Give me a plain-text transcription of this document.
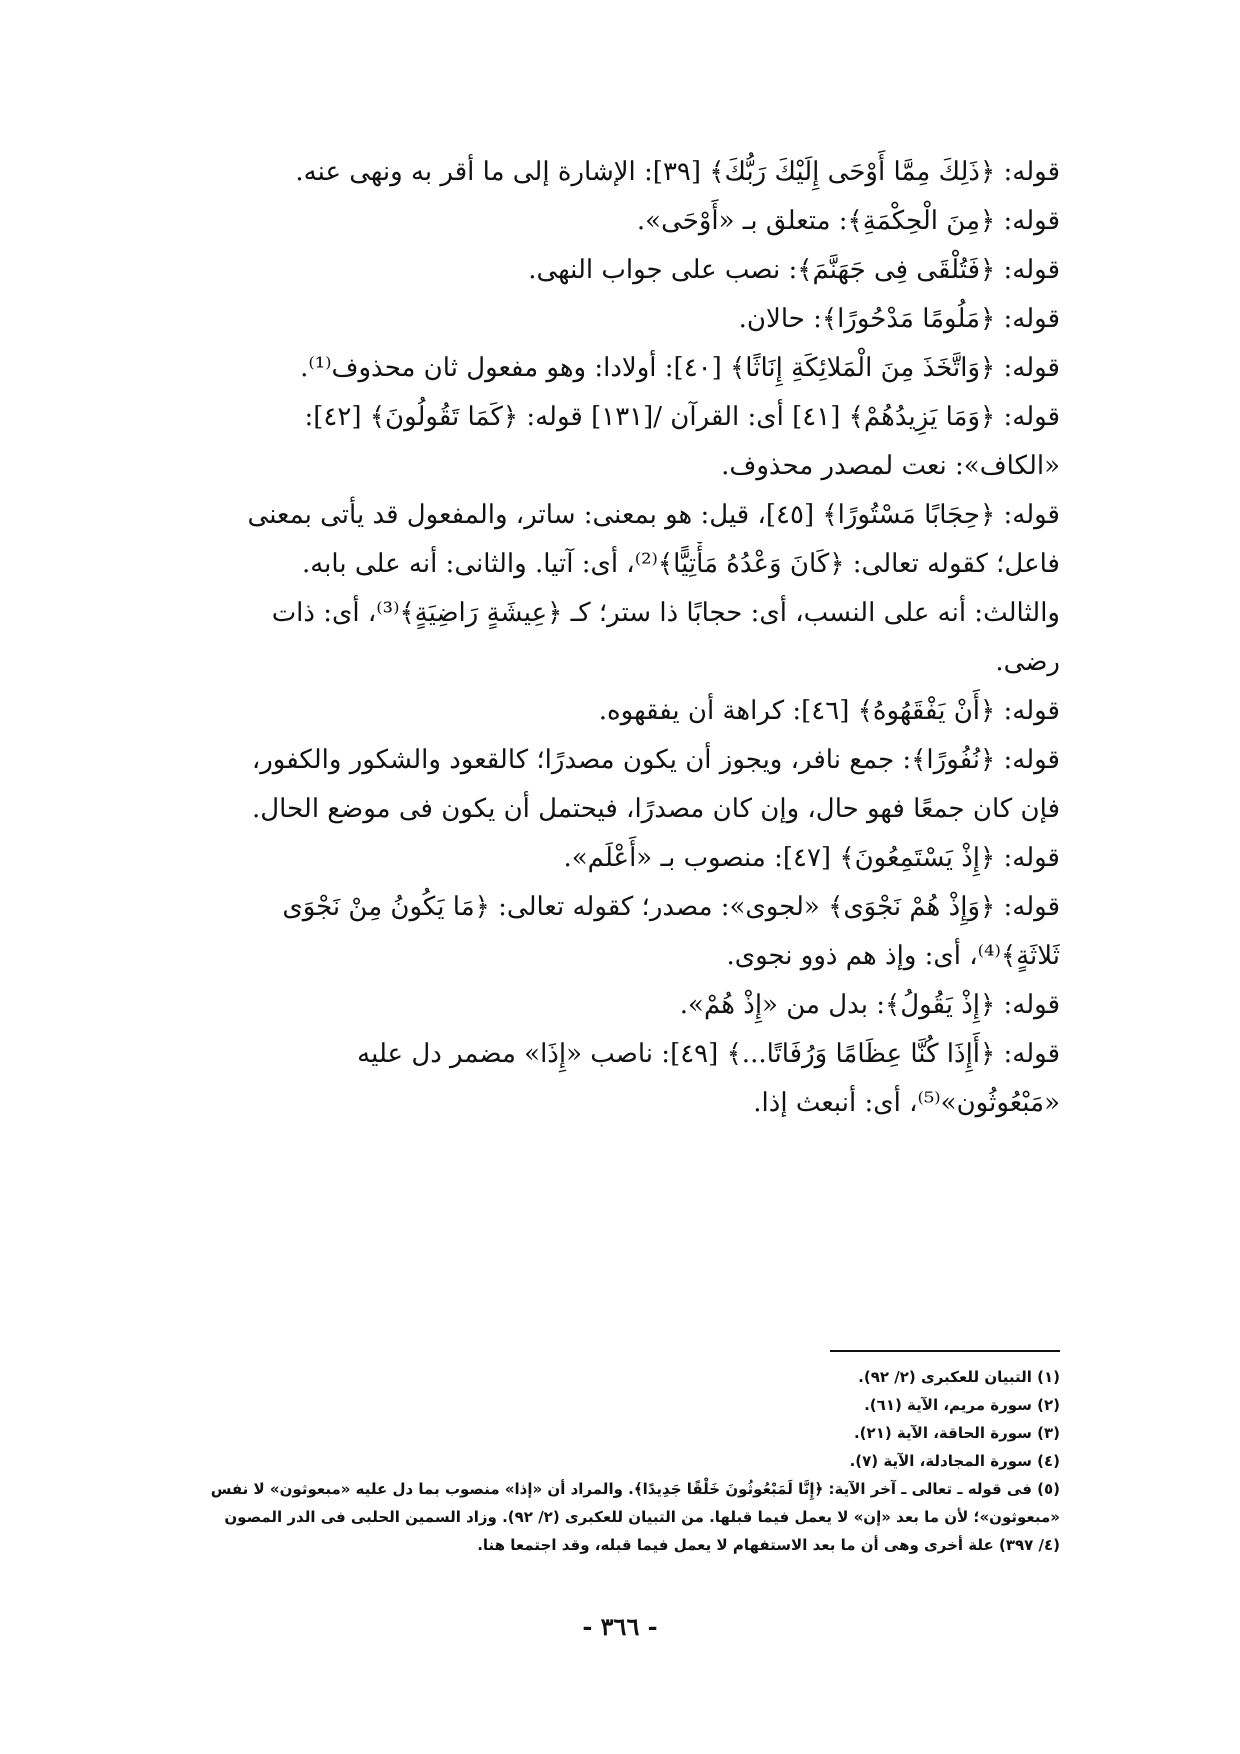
قوله: ﴿ذَلِكَ مِمَّا أَوْحَى إِلَيْكَ رَبُّكَ﴾ [٣٩]: الإشارة إلى ما أقر به ونهى عنه.
قوله: ﴿مِنَ الْحِكْمَةِ﴾: متعلق بـ «أَوْحَى».
قوله: ﴿فَتُلْقَى فِى جَهَنَّمَ﴾: نصب على جواب النهى.
قوله: ﴿مَلُومًا مَدْحُورًا﴾: حالان.
قوله: ﴿وَاتَّخَذَ مِنَ الْمَلائِكَةِ إِنَاثًا﴾ [٤٠]: أولادا: وهو مفعول ثان محذوف⁽¹⁾.
قوله: ﴿وَمَا يَزِيدُهُمْ﴾ [٤١] أى: القرآن /[١٣١] قوله: ﴿كَمَا تَقُولُونَ﴾ [٤٢]:
«الكاف»: نعت لمصدر محذوف.
قوله: ﴿حِجَابًا مَسْتُورًا﴾ [٤٥]، قيل: هو بمعنى: ساتر، والمفعول قد يأتى بمعنى
فاعل؛ كقوله تعالى: ﴿كَانَ وَعْدُهُ مَأْتِيًّا﴾⁽²⁾، أى: آتيا. والثانى: أنه على بابه.
والثالث: أنه على النسب، أى: حجابًا ذا ستر؛ كـ ﴿عِيشَةٍ رَاضِيَةٍ﴾⁽³⁾، أى: ذات
رضى.
قوله: ﴿أَنْ يَفْقَهُوهُ﴾ [٤٦]: كراهة أن يفقهوه.
قوله: ﴿نُفُورًا﴾: جمع نافر، ويجوز أن يكون مصدرًا؛ كالقعود والشكور والكفور،
فإن كان جمعًا فهو حال، وإن كان مصدرًا، فيحتمل أن يكون فى موضع الحال.
قوله: ﴿إِذْ يَسْتَمِعُونَ﴾ [٤٧]: منصوب بـ «أَعْلَم».
قوله: ﴿وَإِذْ هُمْ نَجْوَى﴾ «لجوى»: مصدر؛ كقوله تعالى: ﴿مَا يَكُونُ مِنْ نَجْوَى
ثَلاثَةٍ﴾⁽⁴⁾، أى: وإذ هم ذوو نجوى.
قوله: ﴿إِذْ يَقُولُ﴾: بدل من «إِذْ هُمْ».
قوله: ﴿أَإِذَا كُنَّا عِظَامًا وَرُفَاتًا...﴾ [٤٩]: ناصب «إِذَا» مضمر دل عليه
«مَبْعُوثُون»⁽⁵⁾، أى: أنبعث إذا.
(١) التبيان للعكبرى (٢/ ٩٢).
(٢) سورة مريم، الآية (٦١).
(٣) سورة الحاقة، الآية (٢١).
(٤) سورة المجادلة، الآية (٧).
(٥) فى قوله ـ تعالى ـ آخر الآية: ﴿إِنَّا لَمَبْعُوثُونَ خَلْقًا جَدِيدًا﴾. والمراد أن «إذا» منصوب بما دل عليه «مبعوثون» لا نفس
«مبعوثون»؛ لأن ما بعد «إن» لا يعمل فيما قبلها. من التبيان للعكبرى (٢/ ٩٢). وزاد السمين الحلبى فى الدر المصون
(٤/ ٣٩٧) علة أخرى وهى أن ما بعد الاستفهام لا يعمل فيما قبله، وقد اجتمعا هنا.
- ٣٦٦ -
